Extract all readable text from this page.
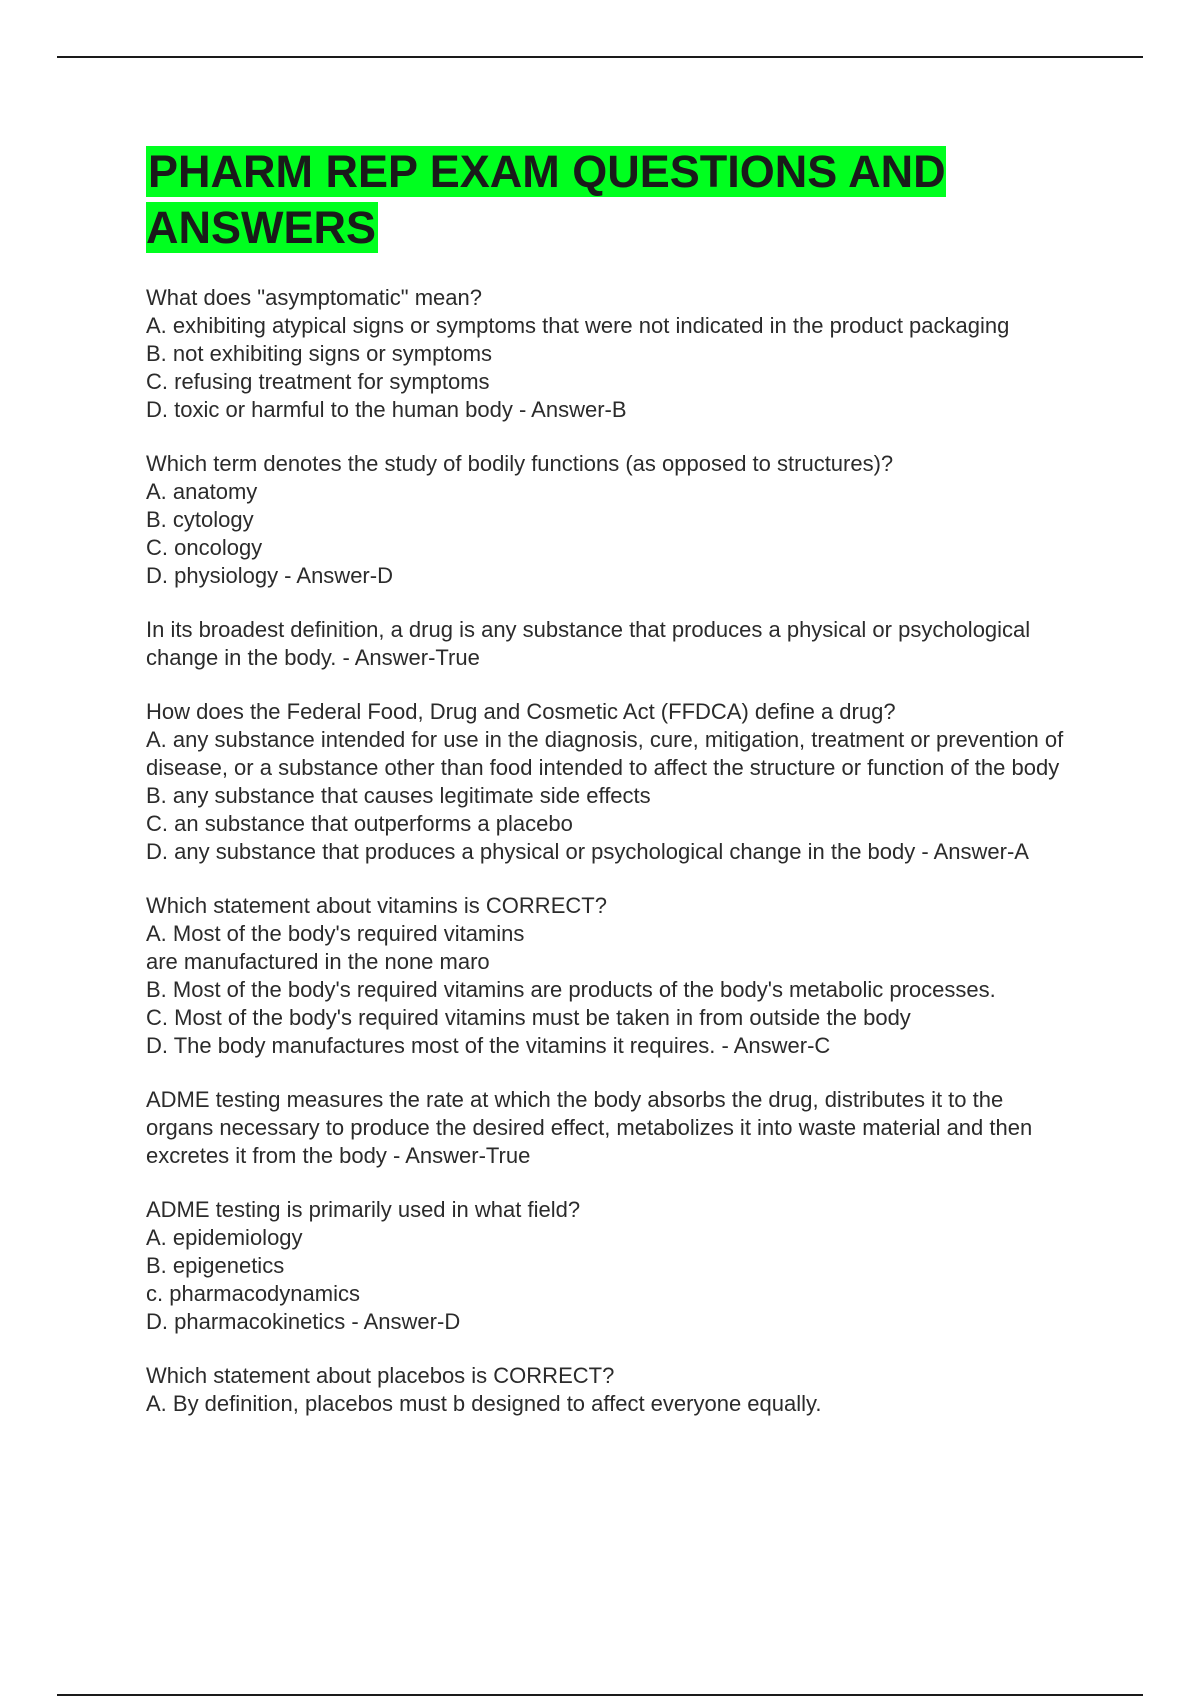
PHARM REP EXAM QUESTIONS AND ANSWERS
What does "asymptomatic" mean?
A. exhibiting atypical signs or symptoms that were not indicated in the product packaging
B. not exhibiting signs or symptoms
C. refusing treatment for symptoms
D. toxic or harmful to the human body - Answer-B
Which term denotes the study of bodily functions (as opposed to structures)?
A. anatomy
B. cytology
C. oncology
D. physiology - Answer-D
In its broadest definition, a drug is any substance that produces a physical or psychological change in the body. - Answer-True
How does the Federal Food, Drug and Cosmetic Act (FFDCA) define a drug?
A. any substance intended for use in the diagnosis, cure, mitigation, treatment or prevention of disease, or a substance other than food intended to affect the structure or function of the body
B. any substance that causes legitimate side effects
C. an substance that outperforms a placebo
D. any substance that produces a physical or psychological change in the body - Answer-A
Which statement about vitamins is CORRECT?
A. Most of the body's required vitamins
are manufactured in the none maro
B. Most of the body's required vitamins are products of the body's metabolic processes.
C. Most of the body's required vitamins must be taken in from outside the body
D. The body manufactures most of the vitamins it requires. - Answer-C
ADME testing measures the rate at which the body absorbs the drug, distributes it to the organs necessary to produce the desired effect, metabolizes it into waste material and then excretes it from the body - Answer-True
ADME testing is primarily used in what field?
A. epidemiology
B. epigenetics
c. pharmacodynamics
D. pharmacokinetics - Answer-D
Which statement about placebos is CORRECT?
A. By definition, placebos must b designed to affect everyone equally.
